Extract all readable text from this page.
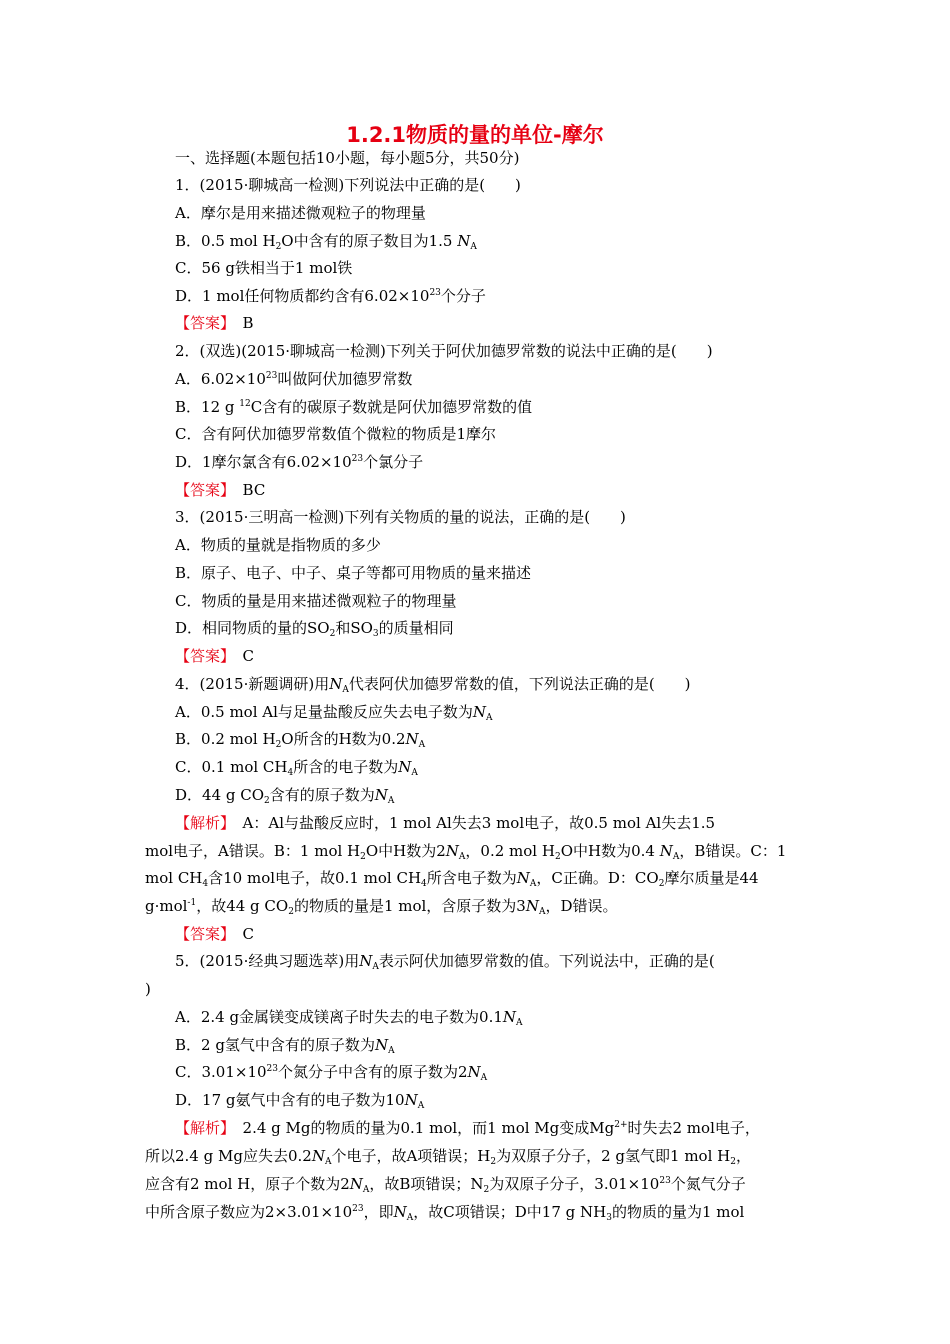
1.2.1物质的量的单位-摩尔
一、选择题(本题包括10小题，每小题5分，共50分)
1．(2015·聊城高一检测)下列说法中正确的是(　　)
A．摩尔是用来描述微观粒子的物理量
B．0.5 mol $H_2O$中含有的原子数目为1.5 $N_A$
C．56 g铁相当于1 mol铁
D．1 mol任何物质都约含有$6.02\times 10^{23}$个分子
【答案】　 B
2．(双选)(2015·聊城高一检测)下列关于阿伏加德罗常数的说法中正确的是(　　)
A．$6.02\times 10^{23}$叫做阿伏加德罗常数
B．12 g $^{12}$C含有的碳原子数就是阿伏加德罗常数的值
C．含有阿伏加德罗常数值个微粒的物质是1摩尔
D．1摩尔氯含有$6.02\times 10^{23}$个氯分子
【答案】　 BC
3．(2015·三明高一检测)下列有关物质的量的说法，正确的是(　　)
A．物质的量就是指物质的多少
B．原子、电子、中子、桌子等都可用物质的量来描述
C．物质的量是用来描述微观粒子的物理量
D．相同物质的量的$SO_2$和$SO_3$的质量相同
【答案】　 C
4．(2015·新题调研)用$N_A$代表阿伏加德罗常数的值，下列说法正确的是(　　)
A．0.5 mol Al与足量盐酸反应失去电子数为$N_A$
B．0.2 mol $H_2O$所含的H数为$0.2N_A$
C．0.1 mol $CH_4$所含的电子数为$N_A$
D．44 g $CO_2$含有的原子数为$N_A$
【解析】　 A：Al与盐酸反应时，1 mol Al失去3 mol电子，故0.5 mol Al失去1.5
mol电子，A错误。B：1 mol $H_2O$中H数为$2N_A$，0.2 mol $H_2O$中H数为0.4 $N_A$，B错误。C：1
mol $CH_4$含10 mol电子，故0.1 mol $CH_4$所含电子数为$N_A$，C正确。D：$CO_2$摩尔质量是44
g·mol$^{-1}$，故44 g $CO_2$的物质的量是1 mol，含原子数为$3N_A$，D错误。
【答案】　 C
5．(2015·经典习题选萃)用$N_A$表示阿伏加德罗常数的值。下列说法中，正确的是(
)
A．2.4 g金属镁变成镁离子时失去的电子数为$0.1N_A$
B．2 g氢气中含有的原子数为$N_A$
C．$3.01\times 10^{23}$个氮分子中含有的原子数为$2N_A$
D．17 g氨气中含有的电子数为$10N_A$
【解析】　 2.4 g Mg的物质的量为0.1 mol，而1 mol Mg变成$Mg^{2+}$时失去2 mol电子，
所以2.4 g Mg应失去$0.2N_A$个电子，故A项错误；$H_2$为双原子分子，2 g氢气即1 mol $H_2$，
应含有2 mol H，原子个数为$2N_A$，故B项错误；$N_2$为双原子分子，$3.01\times 10^{23}$个氮气分子
中所含原子数应为$2\times 3.01\times 10^{23}$，即$N_A$，故C项错误；D中17 g $NH_3$的物质的量为1 mol
